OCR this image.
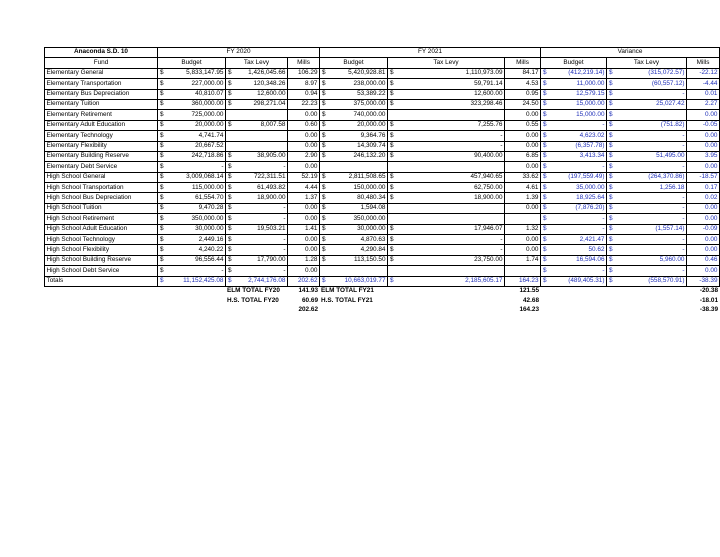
Anaconda S.D. 10	FY 2020					FY 2021					Variance				
Fund	Budget		Tax Levy		Mills	Budget		Tax Levy		Mills	Budget		Tax Levy		Mills
Elementary General	$	5,833,147.95	$	1,426,045.66	106.29	$	5,420,928.81	$	1,110,973.09	84.17	$	(412,219.14)	$	(315,072.57)	-22.12
Elementary Transportation	$	227,000.00	$	120,348.26	8.97	$	238,000.00	$	59,791.14	4.53	$	11,000.00	$	(60,557.12)	-4.44
Elementary Bus Depreciation	$	40,810.07	$	12,600.00	0.94	$	53,389.22	$	12,600.00	0.95	$	12,579.15	$	-	0.01
Elementary Tuition	$	360,000.00	$	298,271.04	22.23	$	375,000.00	$	323,298.46	24.50	$	15,000.00	$	25,027.42	2.27
Elementary Retirement	$	725,000.00			0.00	$	740,000.00			0.00	$	15,000.00	$		0.00
Elementary Adult Education	$	20,000.00	$	8,007.58	0.60	$	20,000.00	$	7,255.76	0.55	$	-	$	(751.82)	-0.05
Elementary Technology	$	4,741.74			0.00	$	9,364.76	$	-	0.00	$	4,623.02	$	-	0.00
Elementary Flexibility	$	20,667.52			0.00	$	14,309.74	$	-	0.00	$	(6,357.78)	$	-	0.00
Elementary Building Reserve	$	242,718.86	$	38,905.00	2.90	$	246,132.20	$	90,400.00	6.85	$	3,413.34	$	51,495.00	3.95
Elementary Debt Service	$	-	$	-	0.00					0.00	$	-	$	-	0.00
High School General	$	3,009,068.14	$	722,311.51	52.19	$	2,811,508.65	$	457,940.65	33.62	$	(197,559.49)	$	(264,370.86)	-18.57
High School Transportation	$	115,000.00	$	61,493.82	4.44	$	150,000.00	$	62,750.00	4.61	$	35,000.00	$	1,256.18	0.17
High School Bus Depreciation	$	61,554.70	$	18,900.00	1.37	$	80,480.34	$	18,900.00	1.39	$	18,925.64	$	-	0.02
High School Tuition	$	9,470.28	$	-	0.00	$	1,594.08			0.00	$	(7,876.20)	$	-	0.00
High School Retirement	$	350,000.00	$	-	0.00	$	350,000.00				$	-	$	-	0.00
High School Adult Education	$	30,000.00	$	19,503.21	1.41	$	30,000.00	$	17,946.07	1.32	$	-	$	(1,557.14)	-0.09
High School Technology	$	2,449.16	$	-	0.00	$	4,870.63	$	-	0.00	$	2,421.47	$	-	0.00
High School Flexibility	$	4,240.22	$	-	0.00	$	4,290.84	$	-	0.00	$	50.62	$	-	0.00
High School Building Reserve	$	96,556.44	$	17,790.00	1.28	$	113,150.50	$	23,750.00	1.74	$	16,594.06	$	5,960.00	0.46
High School Debt Service	$	-	$	-	0.00						$	-	$	-	0.00
Totals	$	11,152,425.08	$	2,744,176.08	202.62	$	10,663,019.77	$	2,185,605.17	164.23	$	(489,405.31)	$	(558,570.91)	-38.39
			ELM TOTAL FY20		141.93	ELM TOTAL FY21				121.55					-20.38
			H.S. TOTAL FY20		60.69	H.S. TOTAL FY21				42.68					-18.01
					202.62					164.23					-38.39
